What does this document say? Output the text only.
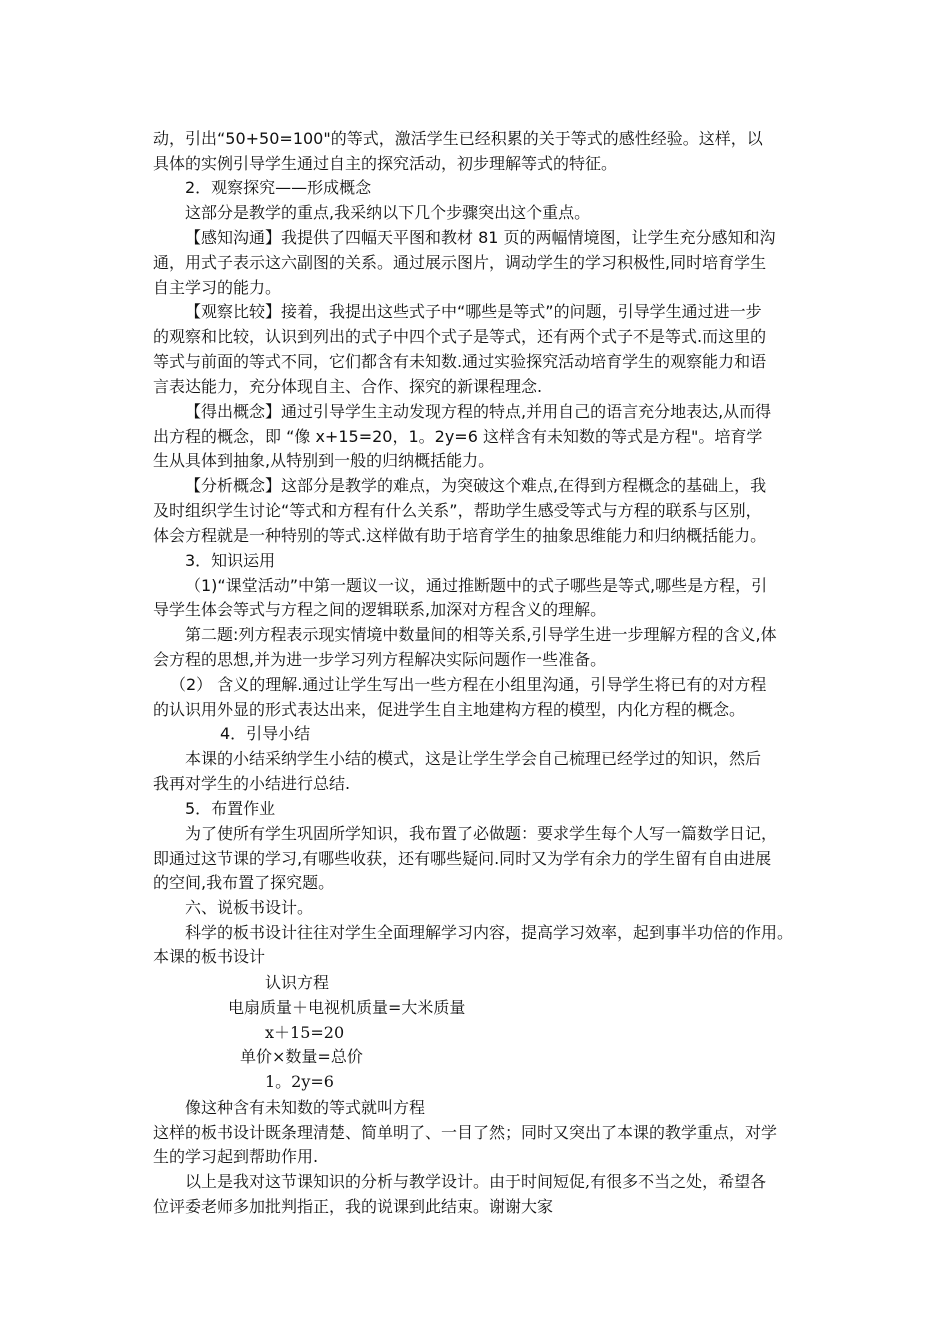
动，引出“50+50=100"的等式，激活学生已经积累的关于等式的感性经验。这样，以
具体的实例引导学生通过自主的探究活动，初步理解等式的特征。
2．观察探究——形成概念
这部分是教学的重点,我采纳以下几个步骤突出这个重点。
【感知沟通】我提供了四幅天平图和教材 81 页的两幅情境图，让学生充分感知和沟
通，用式子表示这六副图的关系。通过展示图片，调动学生的学习积极性,同时培育学生
自主学习的能力。
【观察比较】接着，我提出这些式子中“哪些是等式”的问题，引导学生通过进一步
的观察和比较，认识到列出的式子中四个式子是等式，还有两个式子不是等式.而这里的
等式与前面的等式不同，它们都含有未知数.通过实验探究活动培育学生的观察能力和语
言表达能力，充分体现自主、合作、探究的新课程理念.
【得出概念】通过引导学生主动发现方程的特点,并用自己的语言充分地表达,从而得
出方程的概念，即 “像 x+15=20，1。2y=6 这样含有未知数的等式是方程"。培育学
生从具体到抽象,从特别到一般的归纳概括能力。
【分析概念】这部分是教学的难点，为突破这个难点,在得到方程概念的基础上，我
及时组织学生讨论“等式和方程有什么关系”，帮助学生感受等式与方程的联系与区别，
体会方程就是一种特别的等式.这样做有助于培育学生的抽象思维能力和归纳概括能力。
3．知识运用
（1)“课堂活动”中第一题议一议，通过推断题中的式子哪些是等式,哪些是方程，引
导学生体会等式与方程之间的逻辑联系,加深对方程含义的理解。
第二题:列方程表示现实情境中数量间的相等关系,引导学生进一步理解方程的含义,体
会方程的思想,并为进一步学习列方程解决实际问题作一些准备。
（2） 含义的理解.通过让学生写出一些方程在小组里沟通，引导学生将已有的对方程
的认识用外显的形式表达出来，促进学生自主地建构方程的模型，内化方程的概念。
4．引导小结
本课的小结采纳学生小结的模式，这是让学生学会自己梳理已经学过的知识，然后
我再对学生的小结进行总结.
5．布置作业
为了使所有学生巩固所学知识，我布置了必做题：要求学生每个人写一篇数学日记，
即通过这节课的学习,有哪些收获，还有哪些疑问.同时又为学有余力的学生留有自由进展
的空间,我布置了探究题。
六、说板书设计。
科学的板书设计往往对学生全面理解学习内容，提高学习效率，起到事半功倍的作用。
本课的板书设计
认识方程
电扇质量＋电视机质量=大米质量
x＋15=20
单价×数量=总价
1。2y=6
像这种含有未知数的等式就叫方程
这样的板书设计既条理清楚、简单明了、一目了然；同时又突出了本课的教学重点，对学
生的学习起到帮助作用.
以上是我对这节课知识的分析与教学设计。由于时间短促,有很多不当之处，希望各
位评委老师多加批判指正，我的说课到此结束。谢谢大家
